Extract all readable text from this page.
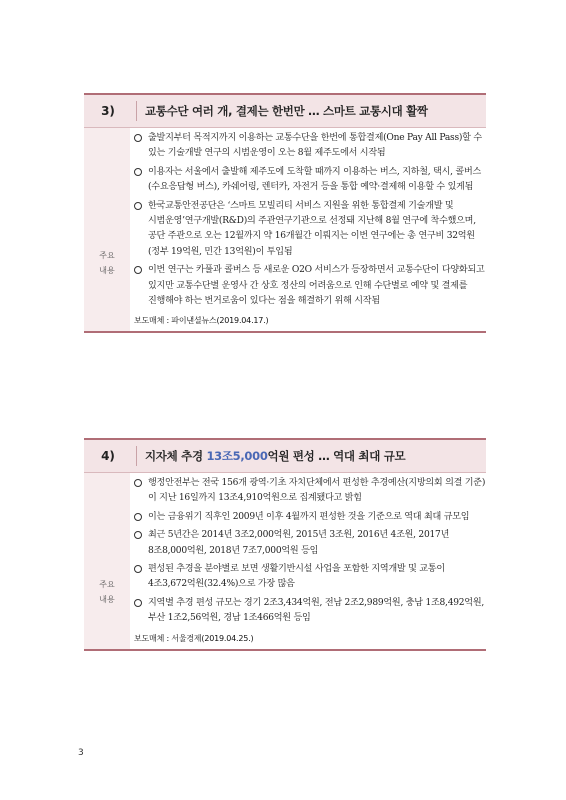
3)	교통수단 여러 개, 결제는 한번만 … 스마트 교통시대 활짝
주요
내용
출발지부터 목적지까지 이용하는 교통수단을 한번에 통합결제(One Pay All Pass)할 수 있는 기술개발 연구의 시범운영이 오는 8월 제주도에서 시작됨
이용자는 서울에서 출발해 제주도에 도착할 때까지 이용하는 버스, 지하철, 택시, 콜버스(수요응답형 버스), 카쉐어링, 렌터카, 자전거 등을 통합 예약·결제해 이용할 수 있게됨
한국교통안전공단은 ‘스마트 모빌리티 서비스 지원을 위한 통합결제 기술개발 및 시범운영’연구개발(R&D)의 주관연구기관으로 선정돼 지난해 8월 연구에 착수했으며, 공단 주관으로 오는 12월까지 약 16개월간 이뤄지는 이번 연구에는 총 연구비 32억원(정부 19억원, 민간 13억원)이 투입됨
이번 연구는 카풀과 콜버스 등 새로운 O2O 서비스가 등장하면서 교통수단이 다양화되고 있지만 교통수단별 운영사 간 상호 정산의 어려움으로 인해 수단별로 예약 및 결제를 진행해야 하는 번거로움이 있다는 점을 해결하기 위해 시작됨
보도매체 : 파이낸셜뉴스(2019.04.17.)
4)	지자체 추경 13조5,000억원 편성 … 역대 최대 규모
주요
내용
행정안전부는 전국 156개 광역·기초 자치단체에서 편성한 추경예산(지방의회 의결 기준)이 지난 16일까지 13조4,910억원으로 집계됐다고 밝힘
이는 금융위기 직후인 2009년 이후 4월까지 편성한 것을 기준으로 역대 최대 규모임
최근 5년간은 2014년 3조2,000억원, 2015년 3조원, 2016년 4조원, 2017년 8조8,000억원, 2018년 7조7,000억원 등임
편성된 추경을 분야별로 보면 생활기반시설 사업을 포함한 지역개발 및 교통이 4조3,672억원(32.4%)으로 가장 많음
지역별 추경 편성 규모는 경기 2조3,434억원, 전남 2조2,989억원, 충남 1조8,492억원, 부산 1조2,56억원, 경남 1조466억원 등임
보도매체 : 서울경제(2019.04.25.)
3
